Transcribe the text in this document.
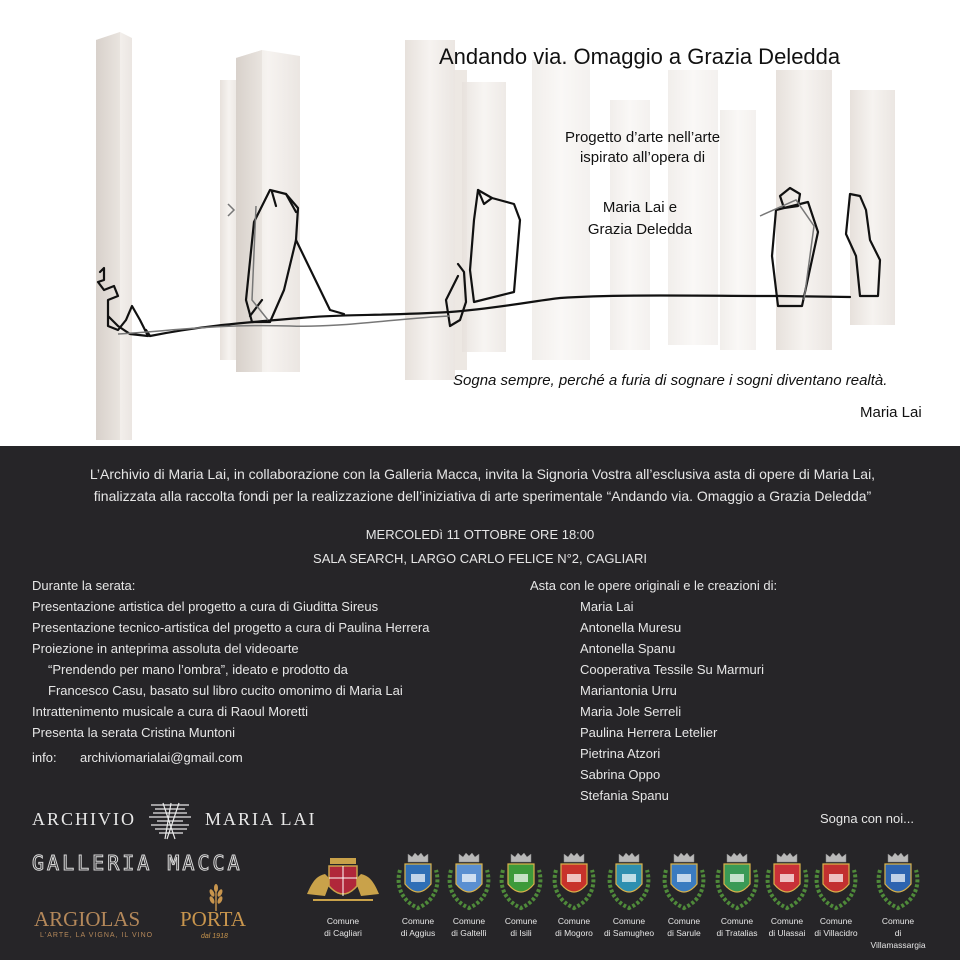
Andando via. Omaggio a Grazia Deledda
Progetto d’arte nell’arte
ispirato all’opera di
Maria Lai e
Grazia Deledda
Sogna sempre, perché a furia di sognare i sogni diventano realtà.
Maria Lai
L’Archivio di Maria Lai, in collaborazione con la Galleria Macca, invita la Signoria Vostra all’esclusiva asta di opere di Maria Lai,
finalizzata alla raccolta fondi per la realizzazione dell’iniziativa di arte sperimentale “Andando via. Omaggio a Grazia Deledda”
MERCOLEDì 11 OTTOBRE ORE 18:00
SALA SEARCH, LARGO CARLO FELICE N°2, CAGLIARI
Durante la serata:
Presentazione artistica del progetto a cura di Giuditta Sireus
Presentazione tecnico-artistica del progetto a cura di Paulina Herrera
Proiezione in anteprima assoluta del videoarte
“Prendendo per mano l’ombra”, ideato e prodotto da
Francesco Casu, basato sul libro cucito omonimo di Maria Lai
Intrattenimento musicale a cura di Raoul Moretti
Presenta la serata Cristina Muntoni
info: archiviomarialai@gmail.com
Asta con le opere originali e le creazioni di:
Maria Lai
Antonella Muresu
Antonella Spanu
Cooperativa Tessile Su Marmuri
Mariantonia Urru
Maria Jole Serreli
Paulina Herrera Letelier
Pietrina Atzori
Sabrina Oppo
Stefania Spanu
ARCHIVIO	MARIA LAI
GALLERIA MACCA
ARGIOLAS
L'ARTE, LA VIGNA, IL VINO
PORTA
dal 1918
Sogna con noi...
Comune
di Cagliari
Comune
di Aggius
Comune
di Galtellì
Comune
di Isili
Comune
di Mogoro
Comune
di Samugheo
Comune
di Sarule
Comune
di Tratalias
Comune
di Ulassai
Comune
di Villacidro
Comune
di Villamassargia
